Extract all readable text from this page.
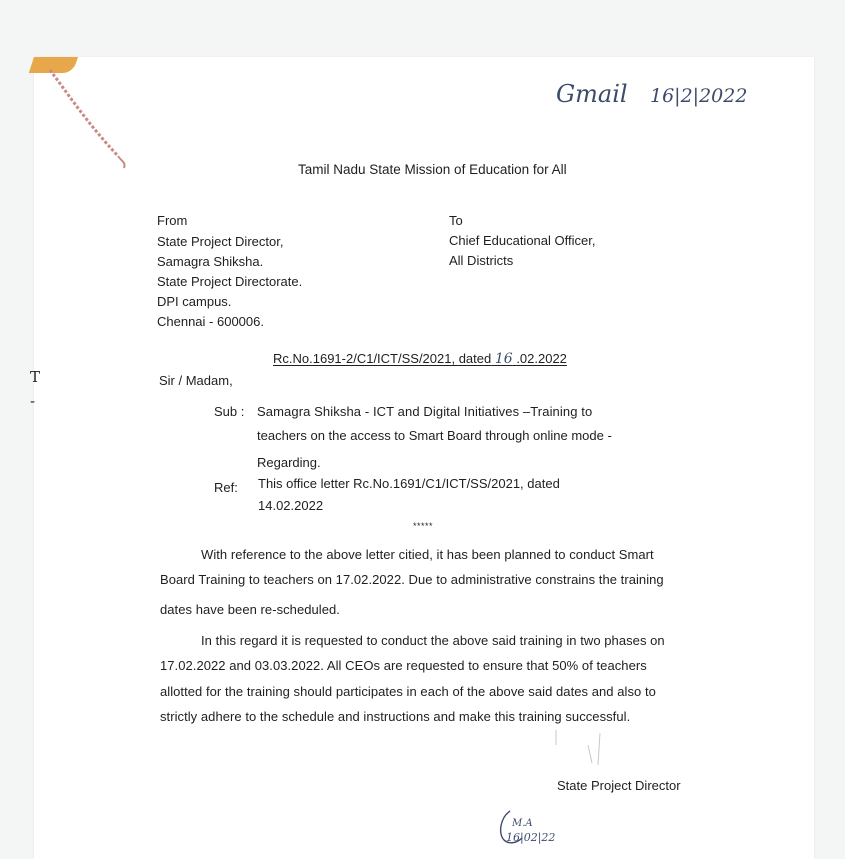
T
-
Gmail 16|2|2022
Tamil Nadu State Mission of Education for All
From
State Project Director,
Samagra Shiksha.
State Project Directorate.
DPI campus.
Chennai - 600006.
To
Chief Educational Officer,
All Districts
Rc.No.1691-2/C1/ICT/SS/2021, dated 16 .02.2022
Sir / Madam,
Sub : Samagra Shiksha - ICT and Digital Initiatives –Training to
teachers on the access to Smart Board through online mode -
Regarding.
Ref: This office letter Rc.No.1691/C1/ICT/SS/2021, dated
14.02.2022
*****
With reference to the above letter citied, it has been planned to conduct Smart
Board Training to teachers on 17.02.2022. Due to administrative constrains the training
dates have been re-scheduled.
In this regard it is requested to conduct the above said training in two phases on
17.02.2022 and 03.03.2022. All CEOs are requested to ensure that 50% of teachers
allotted for the training should participates in each of the above said dates and also to
strictly adhere to the schedule and instructions and make this training successful.
State Project Director
M.A
16|02|22
